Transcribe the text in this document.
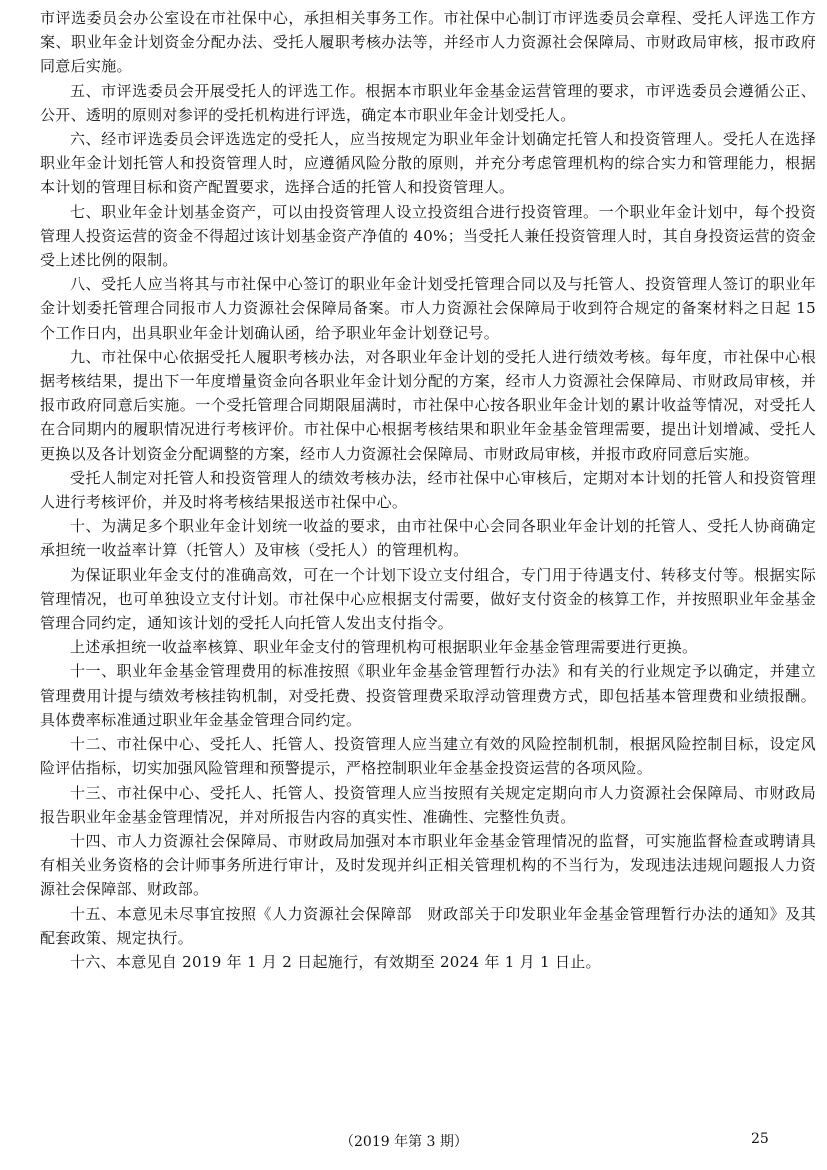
市评选委员会办公室设在市社保中心，承担相关事务工作。市社保中心制订市评选委员会章程、受托人评选工作方案、职业年金计划资金分配办法、受托人履职考核办法等，并经市人力资源社会保障局、市财政局审核，报市政府同意后实施。

五、市评选委员会开展受托人的评选工作。根据本市职业年金基金运营管理的要求，市评选委员会遵循公正、公开、透明的原则对参评的受托机构进行评选，确定本市职业年金计划受托人。

六、经市评选委员会评选选定的受托人，应当按规定为职业年金计划确定托管人和投资管理人。受托人在选择职业年金计划托管人和投资管理人时，应遵循风险分散的原则，并充分考虑管理机构的综合实力和管理能力，根据本计划的管理目标和资产配置要求，选择合适的托管人和投资管理人。

七、职业年金计划基金资产，可以由投资管理人设立投资组合进行投资管理。一个职业年金计划中，每个投资管理人投资运营的资金不得超过该计划基金资产净值的 40%；当受托人兼任投资管理人时，其自身投资运营的资金受上述比例的限制。

八、受托人应当将其与市社保中心签订的职业年金计划受托管理合同以及与托管人、投资管理人签订的职业年金计划委托管理合同报市人力资源社会保障局备案。市人力资源社会保障局于收到符合规定的备案材料之日起 15 个工作日内，出具职业年金计划确认函，给予职业年金计划登记号。

九、市社保中心依据受托人履职考核办法，对各职业年金计划的受托人进行绩效考核。每年度，市社保中心根据考核结果，提出下一年度增量资金向各职业年金计划分配的方案，经市人力资源社会保障局、市财政局审核，并报市政府同意后实施。一个受托管理合同期限届满时，市社保中心按各职业年金计划的累计收益等情况，对受托人在合同期内的履职情况进行考核评价。市社保中心根据考核结果和职业年金基金管理需要，提出计划增减、受托人更换以及各计划资金分配调整的方案，经市人力资源社会保障局、市财政局审核，并报市政府同意后实施。

受托人制定对托管人和投资管理人的绩效考核办法，经市社保中心审核后，定期对本计划的托管人和投资管理人进行考核评价，并及时将考核结果报送市社保中心。

十、为满足多个职业年金计划统一收益的要求，由市社保中心会同各职业年金计划的托管人、受托人协商确定承担统一收益率计算（托管人）及审核（受托人）的管理机构。

为保证职业年金支付的准确高效，可在一个计划下设立支付组合，专门用于待遇支付、转移支付等。根据实际管理情况，也可单独设立支付计划。市社保中心应根据支付需要，做好支付资金的核算工作，并按照职业年金基金管理合同约定，通知该计划的受托人向托管人发出支付指令。

上述承担统一收益率核算、职业年金支付的管理机构可根据职业年金基金管理需要进行更换。

十一、职业年金基金管理费用的标准按照《职业年金基金管理暂行办法》和有关的行业规定予以确定，并建立管理费用计提与绩效考核挂钩机制，对受托费、投资管理费采取浮动管理费方式，即包括基本管理费和业绩报酬。具体费率标准通过职业年金基金管理合同约定。

十二、市社保中心、受托人、托管人、投资管理人应当建立有效的风险控制机制，根据风险控制目标，设定风险评估指标，切实加强风险管理和预警提示，严格控制职业年金基金投资运营的各项风险。

十三、市社保中心、受托人、托管人、投资管理人应当按照有关规定定期向市人力资源社会保障局、市财政局报告职业年金基金管理情况，并对所报告内容的真实性、准确性、完整性负责。

十四、市人力资源社会保障局、市财政局加强对本市职业年金基金管理情况的监督，可实施监督检查或聘请具有相关业务资格的会计师事务所进行审计，及时发现并纠正相关管理机构的不当行为，发现违法违规问题报人力资源社会保障部、财政部。

十五、本意见未尽事宜按照《人力资源社会保障部　财政部关于印发职业年金基金管理暂行办法的通知》及其配套政策、规定执行。

十六、本意见自 2019 年 1 月 2 日起施行，有效期至 2024 年 1 月 1 日止。

（2019 年第 3 期）	25
